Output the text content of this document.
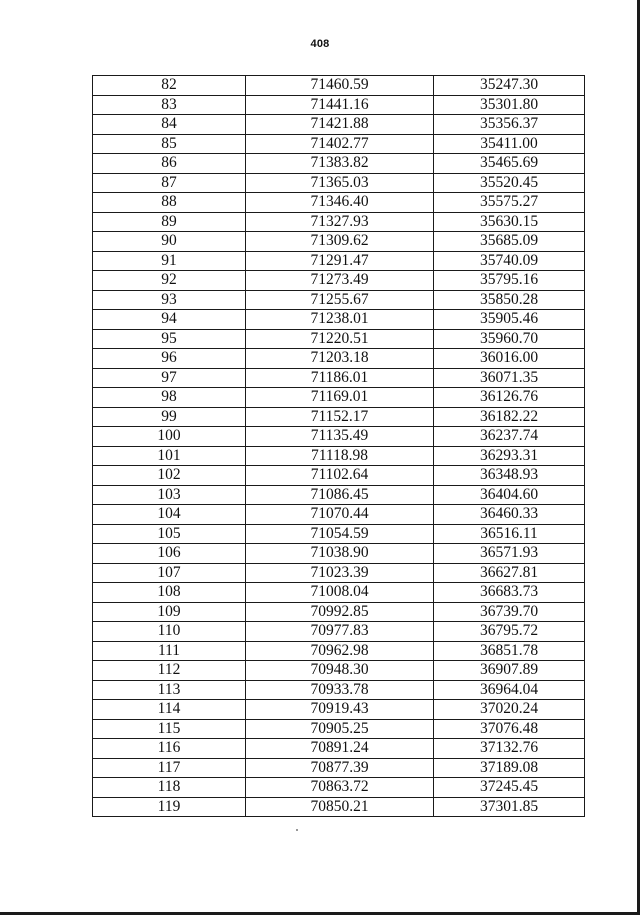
408
82	71460.59	35247.30
83	71441.16	35301.80
84	71421.88	35356.37
85	71402.77	35411.00
86	71383.82	35465.69
87	71365.03	35520.45
88	71346.40	35575.27
89	71327.93	35630.15
90	71309.62	35685.09
91	71291.47	35740.09
92	71273.49	35795.16
93	71255.67	35850.28
94	71238.01	35905.46
95	71220.51	35960.70
96	71203.18	36016.00
97	71186.01	36071.35
98	71169.01	36126.76
99	71152.17	36182.22
100	71135.49	36237.74
101	71118.98	36293.31
102	71102.64	36348.93
103	71086.45	36404.60
104	71070.44	36460.33
105	71054.59	36516.11
106	71038.90	36571.93
107	71023.39	36627.81
108	71008.04	36683.73
109	70992.85	36739.70
110	70977.83	36795.72
111	70962.98	36851.78
112	70948.30	36907.89
113	70933.78	36964.04
114	70919.43	37020.24
115	70905.25	37076.48
116	70891.24	37132.76
117	70877.39	37189.08
118	70863.72	37245.45
119	70850.21	37301.85
